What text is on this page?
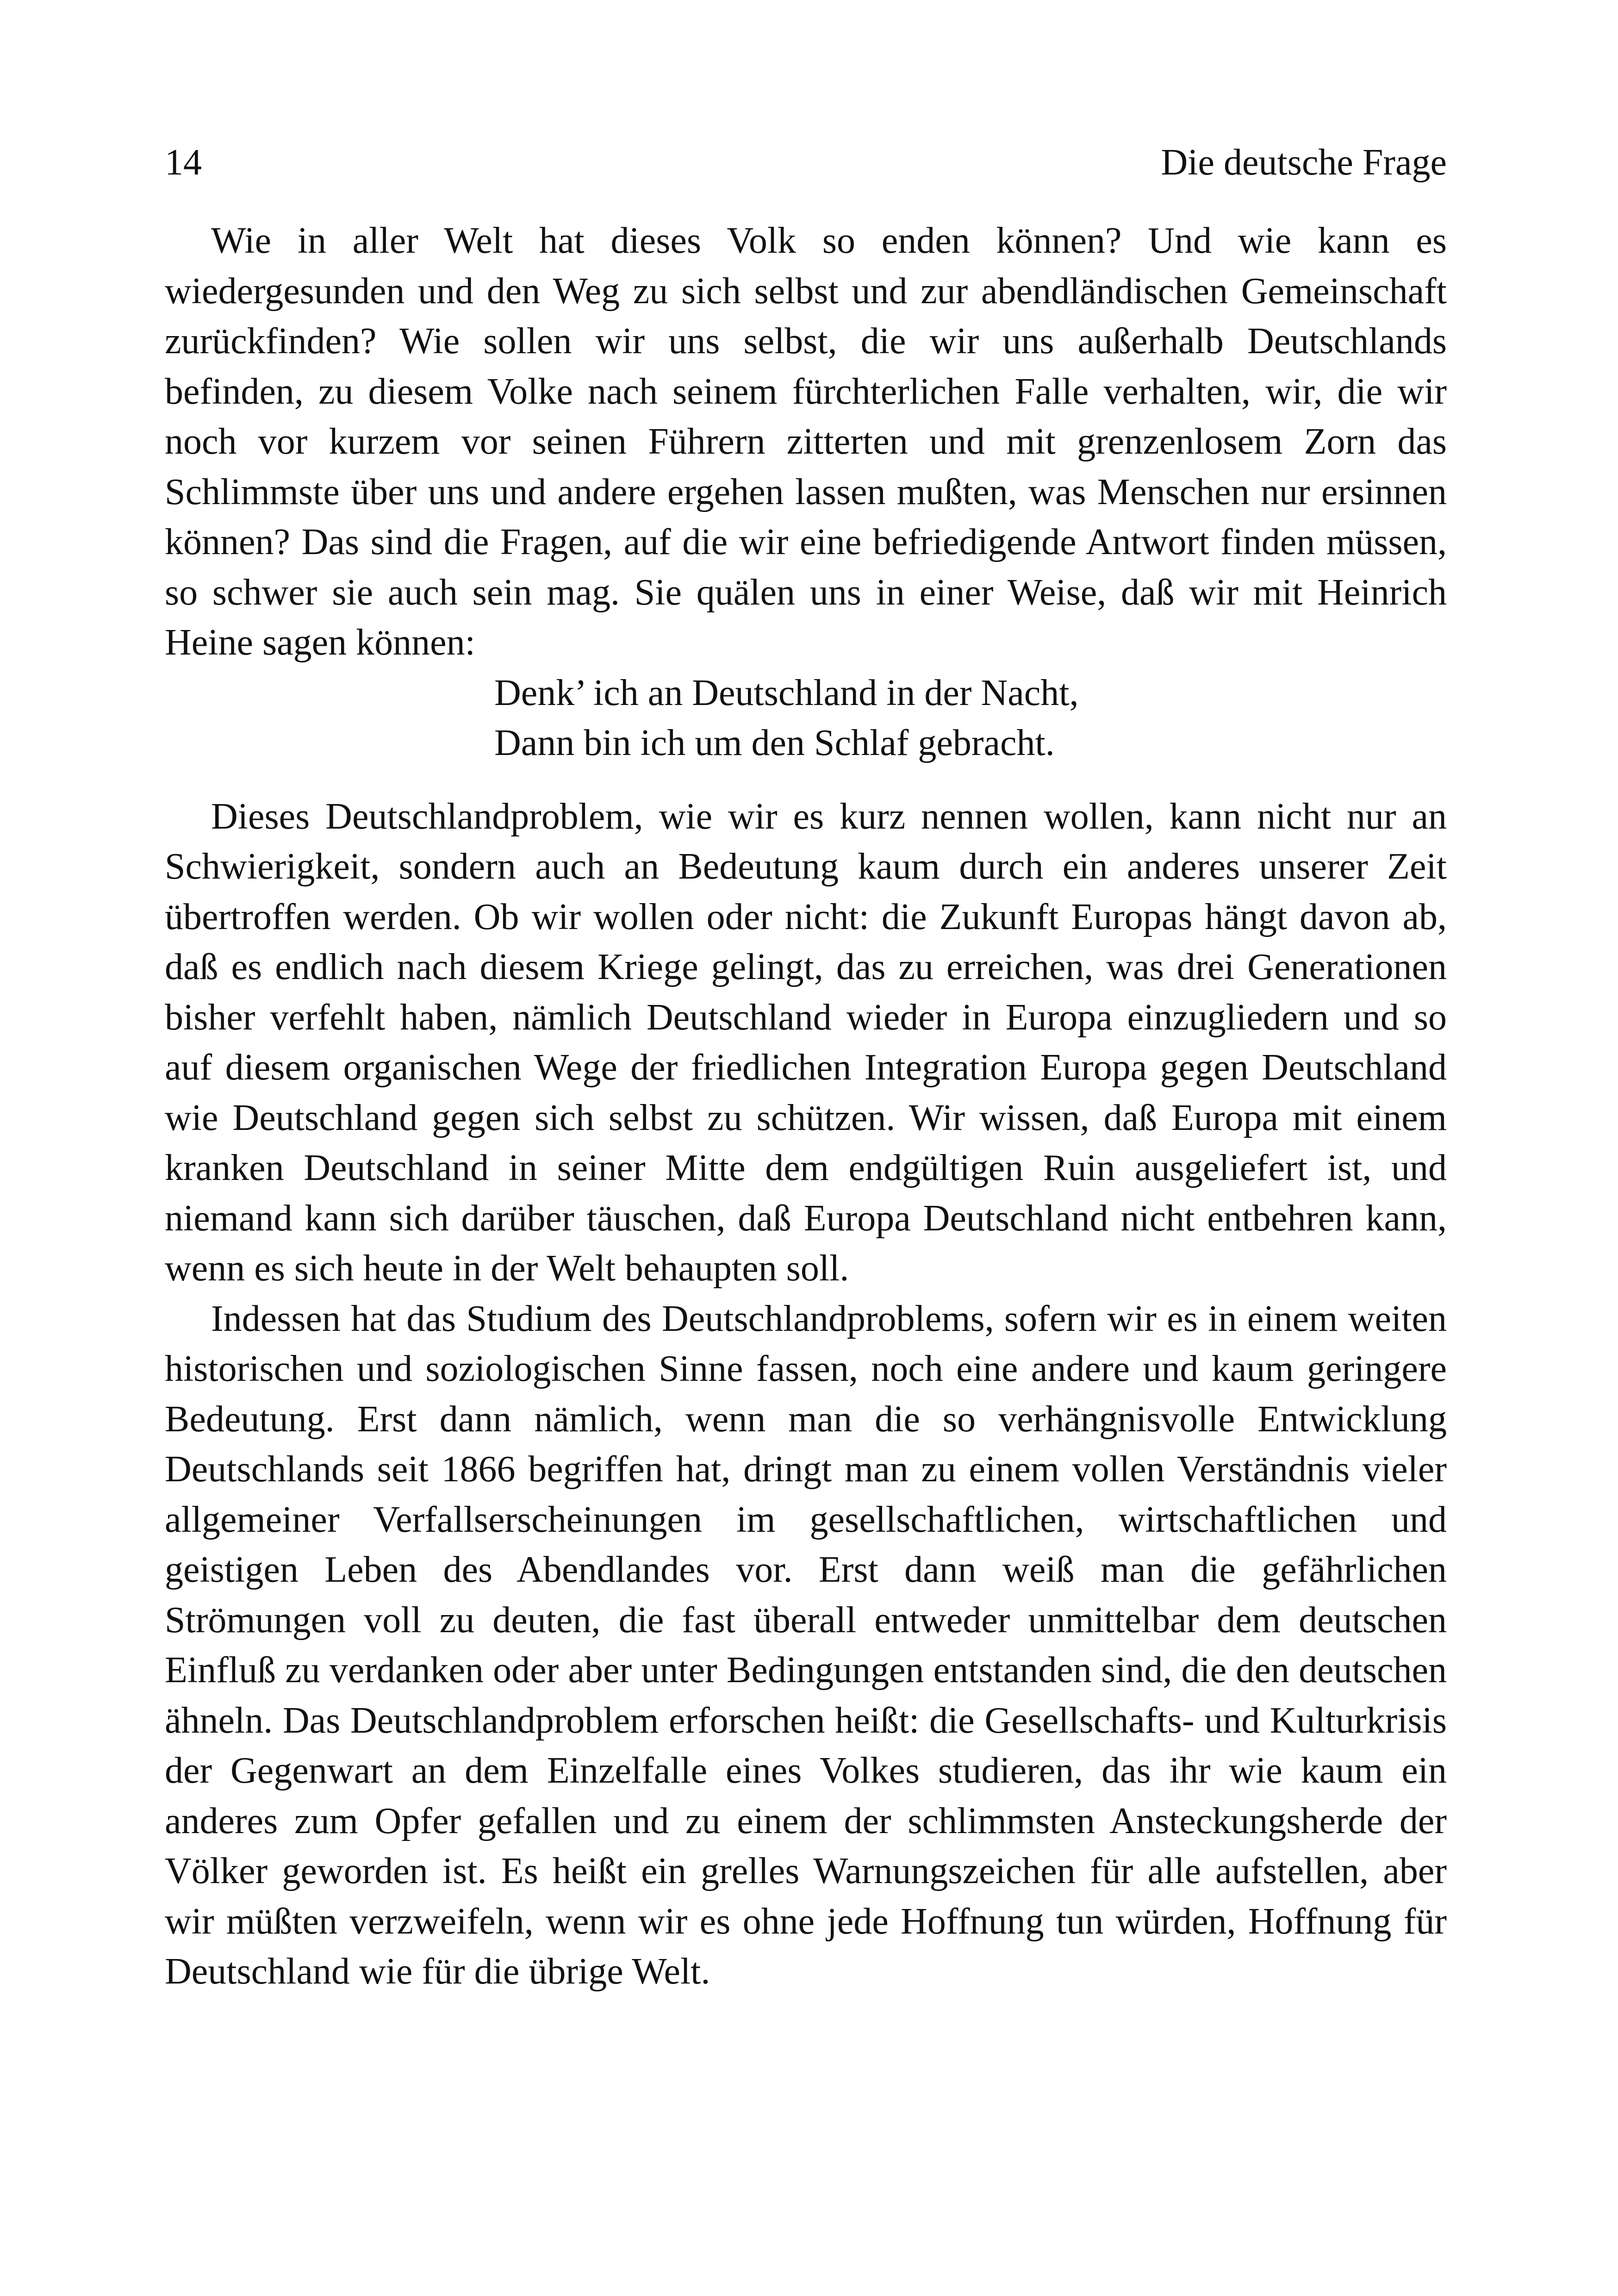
14	Die deutsche Frage

Wie in aller Welt hat dieses Volk so enden können? Und wie kann es wiedergesunden und den Weg zu sich selbst und zur abendländischen Gemeinschaft zurückfinden? Wie sollen wir uns selbst, die wir uns außerhalb Deutschlands befinden, zu diesem Volke nach seinem fürchterlichen Falle verhalten, wir, die wir noch vor kurzem vor seinen Führern zitterten und mit grenzenlosem Zorn das Schlimmste über uns und andere ergehen lassen mußten, was Menschen nur ersinnen können? Das sind die Fragen, auf die wir eine befriedigende Antwort finden müssen, so schwer sie auch sein mag. Sie quälen uns in einer Weise, daß wir mit Heinrich Heine sagen können:

Denk’ ich an Deutschland in der Nacht,
Dann bin ich um den Schlaf gebracht.

Dieses Deutschlandproblem, wie wir es kurz nennen wollen, kann nicht nur an Schwierigkeit, sondern auch an Bedeutung kaum durch ein anderes unserer Zeit übertroffen werden. Ob wir wollen oder nicht: die Zukunft Europas hängt davon ab, daß es endlich nach diesem Kriege gelingt, das zu erreichen, was drei Generationen bisher verfehlt haben, nämlich Deutschland wieder in Europa einzugliedern und so auf diesem organischen Wege der friedlichen Integration Europa gegen Deutschland wie Deutschland gegen sich selbst zu schützen. Wir wissen, daß Europa mit einem kranken Deutschland in seiner Mitte dem endgültigen Ruin ausgeliefert ist, und niemand kann sich darüber täuschen, daß Europa Deutschland nicht entbehren kann, wenn es sich heute in der Welt behaupten soll.

Indessen hat das Studium des Deutschlandproblems, sofern wir es in einem weiten historischen und soziologischen Sinne fassen, noch eine andere und kaum geringere Bedeutung. Erst dann nämlich, wenn man die so verhängnisvolle Entwicklung Deutschlands seit 1866 begriffen hat, dringt man zu einem vollen Verständnis vieler allgemeiner Verfallserscheinungen im gesellschaftlichen, wirtschaftlichen und geistigen Leben des Abendlandes vor. Erst dann weiß man die gefährlichen Strömungen voll zu deuten, die fast überall entweder unmittelbar dem deutschen Einfluß zu verdanken oder aber unter Bedingungen entstanden sind, die den deutschen ähneln. Das Deutschlandproblem erforschen heißt: die Gesellschafts- und Kulturkrisis der Gegenwart an dem Einzelfalle eines Volkes studieren, das ihr wie kaum ein anderes zum Opfer gefallen und zu einem der schlimmsten Ansteckungsherde der Völker geworden ist. Es heißt ein grelles Warnungszeichen für alle aufstellen, aber wir müßten verzweifeln, wenn wir es ohne jede Hoffnung tun würden, Hoffnung für Deutschland wie für die übrige Welt.
